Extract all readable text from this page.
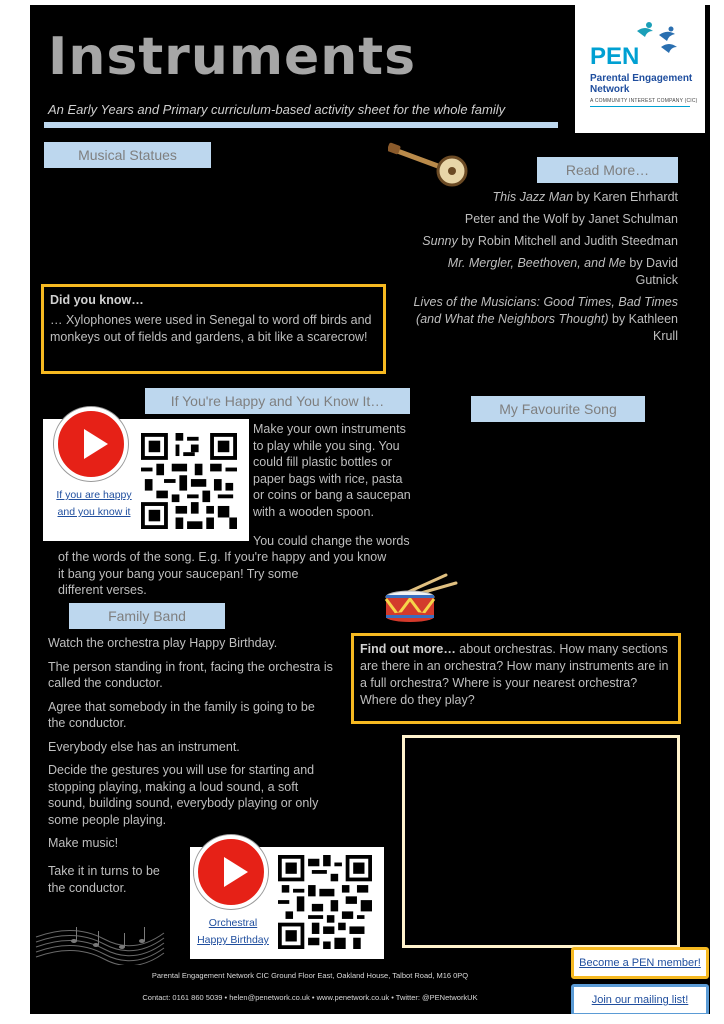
Instruments
An Early Years and Primary curriculum-based activity sheet for the whole family
PEN
Parental Engagement
Network
A COMMUNITY INTEREST COMPANY (CIC)
Musical Statues
Read More…
If You're Happy and You Know It…	My Favourite Song
Family Band
Did you know…
… Xylophones were used in Senegal to word off birds and monkeys out of fields and gardens, a bit like a scarecrow!

This Jazz Man by Karen Ehrhardt

Peter and the Wolf by Janet Schulman

Sunny by Robin Mitchell and Judith Steedman

Mr. Mergler, Beethoven, and Me by David Gutnick

Lives of the Musicians: Good Times, Bad Times (and What the Neighbors Thought) by Kathleen Krull

If you are happy
and you know it
Make your own instruments
to play while you sing. You
could fill plastic bottles or
paper bags with rice, pasta
or coins or bang a saucepan
with a wooden spoon.
You could change the words
of the words of the song. E.g. If you're happy and you know
it bang your bang your saucepan! Try some
different verses.

Watch the orchestra play Happy Birthday.

The person standing in front, facing the orchestra is called the conductor.

Agree that somebody in the family is going to be the conductor.

Everybody else has an instrument.

Decide the gestures you will use for starting and stopping playing, making a loud sound, a soft sound, building sound, everybody playing or only some people playing.

Make music!

Take it in turns to be
the conductor.
Orchestral
Happy Birthday
Find out more… about orchestras. How many sections are there in an orchestra? How many instruments are in a full orchestra? Where is your nearest orchestra? Where do they play?
Become a PEN member!
Join our mailing list!
Parental Engagement Network CIC Ground Floor East, Oakland House, Talbot Road, M16 0PQ
Contact: 0161 860 5039 • helen@penetwork.co.uk • www.penetwork.co.uk • Twitter: @PENetworkUK
